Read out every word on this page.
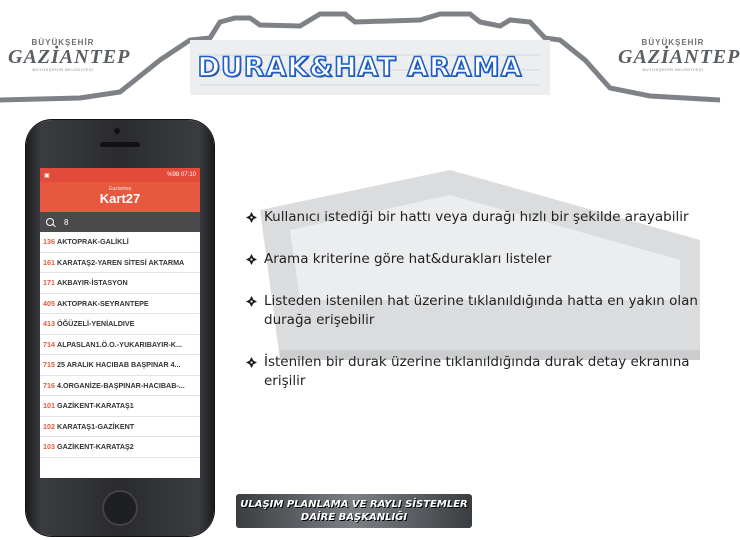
BÜYÜKŞEHİR
GAZİANTEP
BÜYÜKŞEHİR BELEDİYESİ
BÜYÜKŞEHİR
GAZİANTEP
BÜYÜKŞEHİR BELEDİYESİ
DURAK&HAT ARAMA
▣	%98 07:10
Gaziantep
Kart27
8
136 AKTOPRAK-GALİKLİ
161 KARATAŞ2-YAREN SİTESİ AKTARMA
171 AKBAYIR-İSTASYON
405 AKTOPRAK-SEYRANTEPE
413 ÖĞÜZELİ-YENİALDIVE
714 ALPASLAN1.Ö.O.-YUKARIBAYIR-K...
715 25 ARALIK HACIBAB BAŞPINAR 4...
716 4.ORGANİZE-BAŞPINAR-HACIBAB-...
101 GAZİKENT-KARATAŞ1
102 KARATAŞ1-GAZİKENT
103 GAZİKENT-KARATAŞ2
Kullanıcı istediği bir hattı veya durağı hızlı bir şekilde arayabilir
Arama kriterine göre hat&durakları listeler
Listeden istenilen hat üzerine tıklanıldığında hatta en yakın olan durağa erişebilir
İstenilen bir durak üzerine tıklanıldığında durak detay ekranına erişilir
ULAŞIM PLANLAMA VE RAYLI SİSTEMLER
DAİRE BAŞKANLIĞI
